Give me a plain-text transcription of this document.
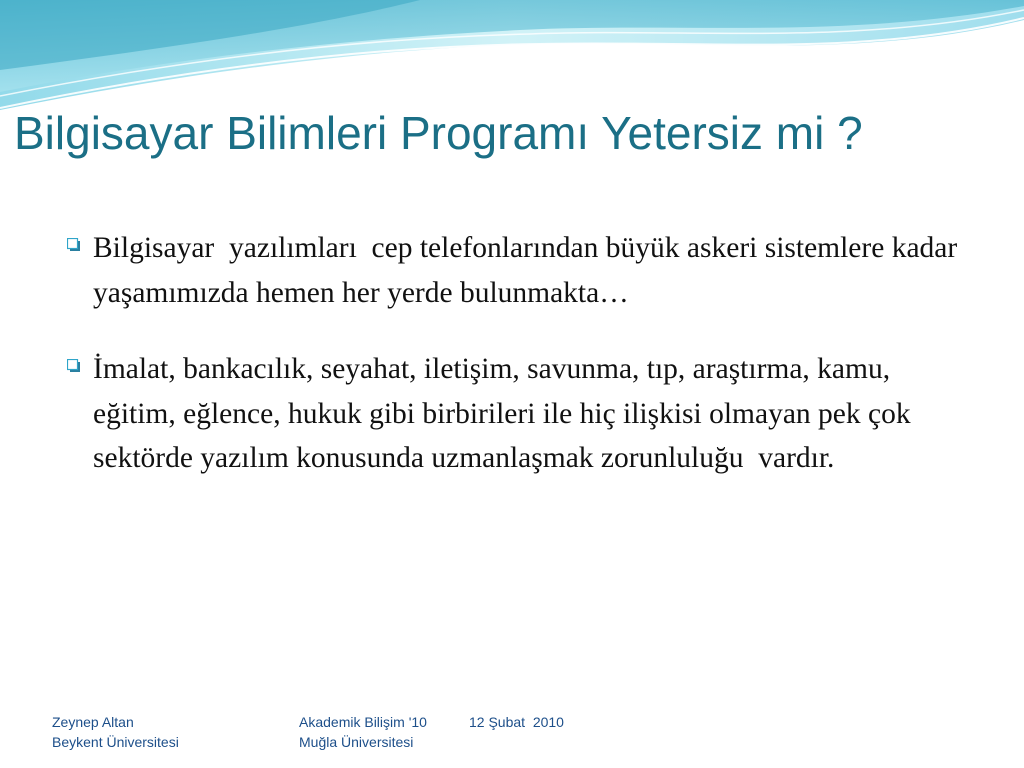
Bilgisayar Bilimleri Programı Yetersiz mi ?
Bilgisayar  yazılımları  cep telefonlarından büyük askeri sistemlere kadar yaşamımızda hemen her yerde bulunmakta…
İmalat, bankacılık, seyahat, iletişim, savunma, tıp, araştırma, kamu, eğitim, eğlence, hukuk gibi birbirileri ile hiç ilişkisi olmayan pek çok sektörde yazılım konusunda uzmanlaşmak zorunluluğu  vardır.
Zeynep Altan
Beykent Üniversitesi
Akademik Bilişim '10
Muğla Üniversitesi
12 Şubat  2010
